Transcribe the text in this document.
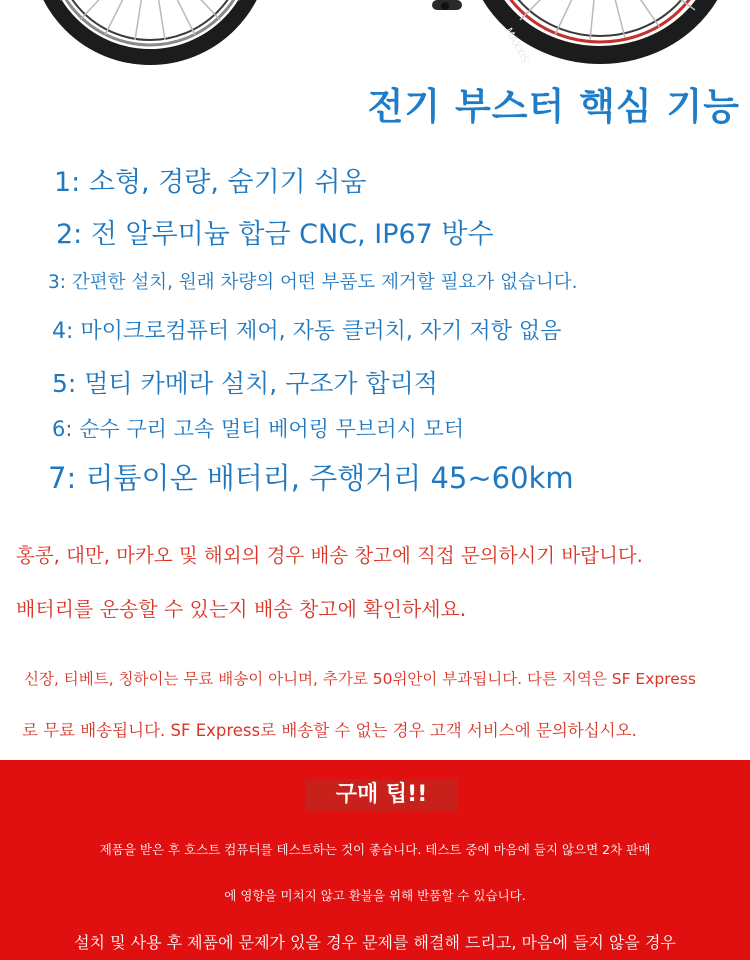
MAXXIS
전기 부스터 핵심 기능
1: 소형, 경량, 숨기기 쉬움
2: 전 알루미늄 합금 CNC, IP67 방수
3: 간편한 설치, 원래 차량의 어떤 부품도 제거할 필요가 없습니다.
4: 마이크로컴퓨터 제어, 자동 클러치, 자기 저항 없음
5: 멀티 카메라 설치, 구조가 합리적
6: 순수 구리 고속 멀티 베어링 무브러시 모터
7: 리튬이온 배터리, 주행거리 45~60km
홍콩, 대만, 마카오 및 해외의 경우 배송 창고에 직접 문의하시기 바랍니다.
배터리를 운송할 수 있는지 배송 창고에 확인하세요.
신장, 티베트, 칭하이는 무료 배송이 아니며, 추가로 50위안이 부과됩니다. 다른 지역은 SF Express
로 무료 배송됩니다. SF Express로 배송할 수 없는 경우 고객 서비스에 문의하십시오.
구매 팁!!
제품을 받은 후 호스트 컴퓨터를 테스트하는 것이 좋습니다. 테스트 중에 마음에 들지 않으면 2차 판매
에 영향을 미치지 않고 환불을 위해 반품할 수 있습니다.
설치 및 사용 후 제품에 문제가 있을 경우 문제를 해결해 드리고, 마음에 들지 않을 경우
